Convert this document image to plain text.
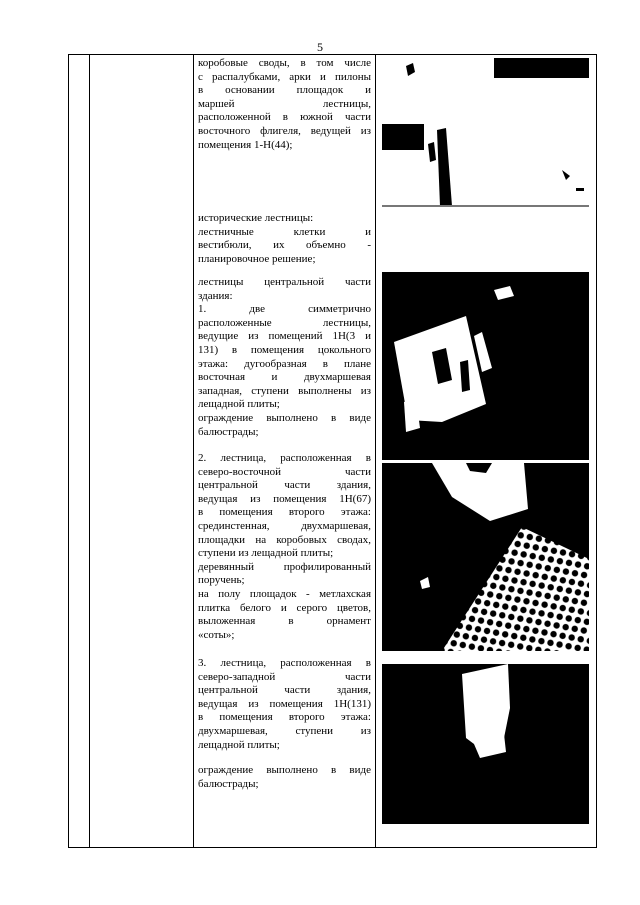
5

коробовые своды, в том числе

с распалубками, арки и пилоны

в основании площадок и

маршей лестницы,

расположенной в южной части

восточного флигеля, ведущей из

помещения 1-Н(44);

исторические лестницы:

лестничные клетки и

вестибюли, их объемно -

планировочное решение;

лестницы центральной части

здания:

1. две симметрично

расположенные лестницы,

ведущие из помещений 1Н(3 и

131) в помещения цокольного

этажа: дугообразная в плане

восточная и двухмаршевая

западная, ступени выполнены из

лещадной плиты;

ограждение выполнено в виде

балюстрады;

2. лестница, расположенная в

северо-восточной части

центральной части здания,

ведущая из помещения 1Н(67)

в помещения второго этажа:

срединстенная, двухмаршевая,

площадки на коробовых сводах,

ступени из лещадной плиты;

деревянный профилированный

поручень;

на полу площадок - метлахская

плитка белого и серого цветов,

выложенная в орнамент

«соты»;

3. лестница, расположенная в

северо-западной части

центральной части здания,

ведущая из помещения 1Н(131)

в помещения второго этажа:

двухмаршевая, ступени из

лещадной плиты;

ограждение выполнено в виде

балюстрады;
